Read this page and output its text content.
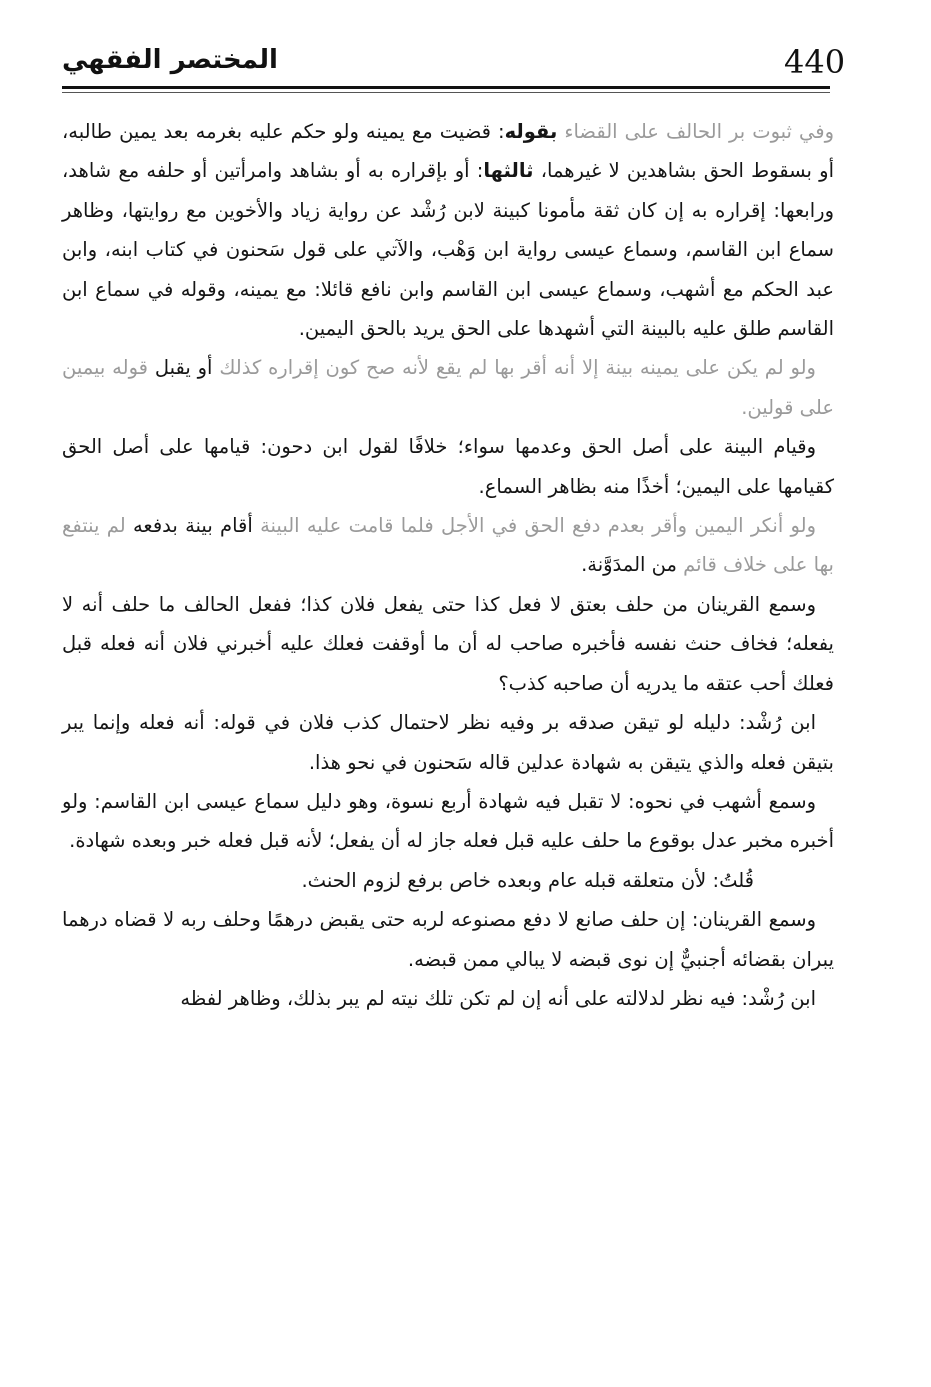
440
المختصر الفقهي

وفي ثبوت بر الحالف على القضاء بقوله: قضيت مع يمينه ولو حكم عليه بغرمه بعد يمين طالبه، أو بسقوط الحق بشاهدين لا غيرهما، ثالثها: أو بإقراره به أو بشاهد وامرأتين أو حلفه مع شاهد، ورابعها: إقراره به إن كان ثقة مأمونا كبينة لابن رُشْد عن رواية زياد والأخوين مع روايتها، وظاهر سماع ابن القاسم، وسماع عيسى رواية ابن وَهْب، والآتي على قول سَحنون في كتاب ابنه، وابن عبد الحكم مع أشهب، وسماع عيسى ابن القاسم وابن نافع قائلا: مع يمينه، وقوله في سماع ابن القاسم طلق عليه بالبينة التي أشهدها على الحق يريد بالحق اليمين.

ولو لم يكن على يمينه بينة إلا أنه أقر بها لم يقع لأنه صح كون إقراره كذلك أو يقبل قوله بيمين على قولين.

وقيام البينة على أصل الحق وعدمها سواء؛ خلافًا لقول ابن دحون: قيامها على أصل الحق كقيامها على اليمين؛ أخذًا منه بظاهر السماع.

ولو أنكر اليمين وأقر بعدم دفع الحق في الأجل فلما قامت عليه البينة أقام بينة بدفعه لم ينتفع بها على خلاف قائم من المدَوَّنة.

وسمع القرينان من حلف بعتق لا فعل كذا حتى يفعل فلان كذا؛ ففعل الحالف ما حلف أنه لا يفعله؛ فخاف حنث نفسه فأخبره صاحب له أن ما أوقفت فعلك عليه أخبرني فلان أنه فعله قبل فعلك أحب عتقه ما يدريه أن صاحبه كذب؟

ابن رُشْد: دليله لو تيقن صدقه بر وفيه نظر لاحتمال كذب فلان في قوله: أنه فعله وإنما يبر بتيقن فعله والذي يتيقن به شهادة عدلين قاله سَحنون في نحو هذا.

وسمع أشهب في نحوه: لا تقبل فيه شهادة أربع نسوة، وهو دليل سماع عيسى ابن القاسم: ولو أخبره مخبر عدل بوقوع ما حلف عليه قبل فعله جاز له أن يفعل؛ لأنه قبل فعله خبر وبعده شهادة.

قُلتُ: لأن متعلقه قبله عام وبعده خاص برفع لزوم الحنث.

وسمع القرينان: إن حلف صانع لا دفع مصنوعه لربه حتى يقبض درهمًا وحلف ربه لا قضاه درهما يبران بقضائه أجنبيٌّ إن نوى قبضه لا يبالي ممن قبضه.

ابن رُشْد: فيه نظر لدلالته على أنه إن لم تكن تلك نيته لم يبر بذلك، وظاهر لفظه
